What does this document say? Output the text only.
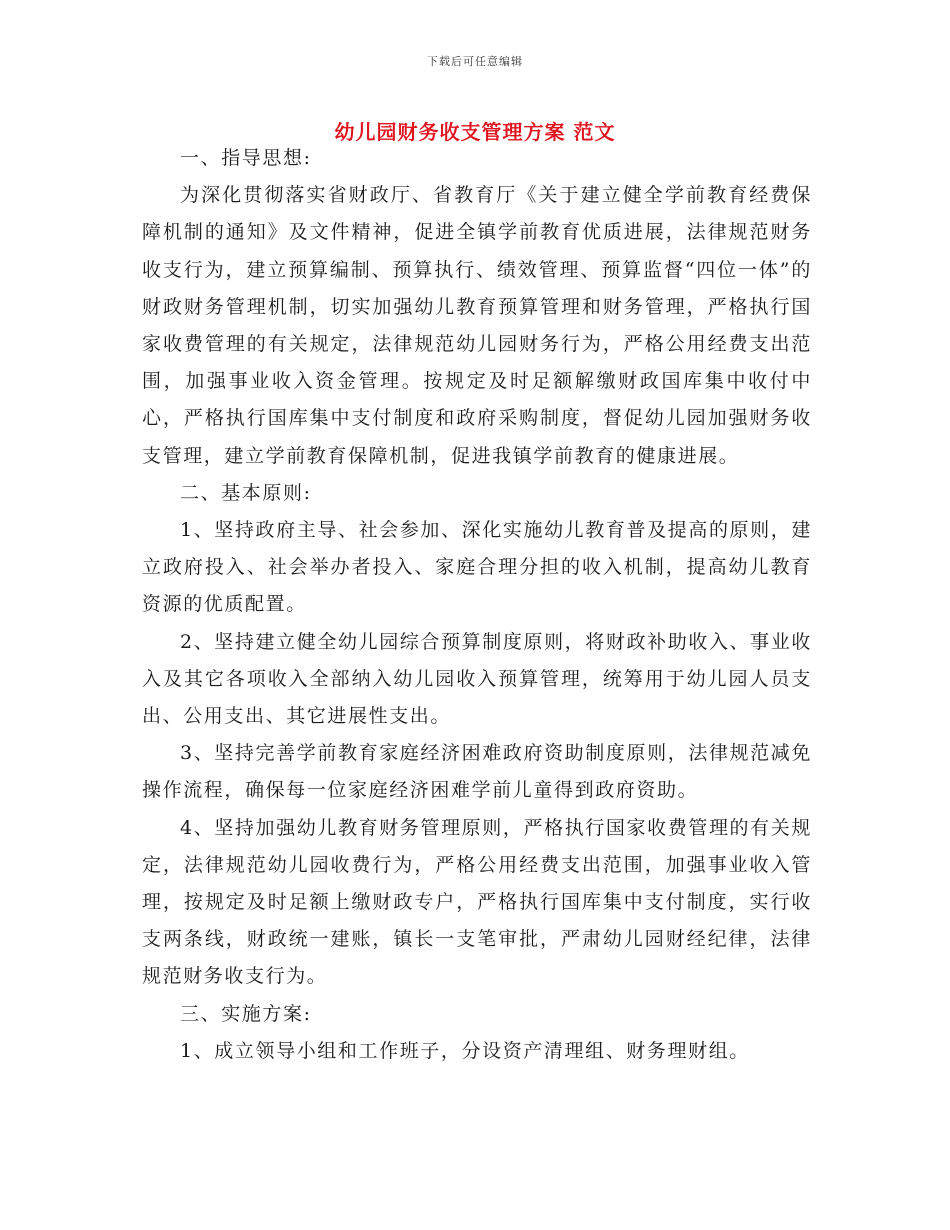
下载后可任意编辑
幼儿园财务收支管理方案 范文

一、指导思想:

为深化贯彻落实省财政厅、省教育厅《关于建立健全学前教育经费保障机制的通知》及文件精神，促进全镇学前教育优质进展，法律规范财务收支行为，建立预算编制、预算执行、绩效管理、预算监督“四位一体”的财政财务管理机制，切实加强幼儿教育预算管理和财务管理，严格执行国家收费管理的有关规定，法律规范幼儿园财务行为，严格公用经费支出范围，加强事业收入资金管理。按规定及时足额解缴财政国库集中收付中心，严格执行国库集中支付制度和政府采购制度，督促幼儿园加强财务收支管理，建立学前教育保障机制，促进我镇学前教育的健康进展。

二、基本原则:

1、坚持政府主导、社会参加、深化实施幼儿教育普及提高的原则，建立政府投入、社会举办者投入、家庭合理分担的收入机制，提高幼儿教育资源的优质配置。

2、坚持建立健全幼儿园综合预算制度原则，将财政补助收入、事业收入及其它各项收入全部纳入幼儿园收入预算管理，统筹用于幼儿园人员支出、公用支出、其它进展性支出。

3、坚持完善学前教育家庭经济困难政府资助制度原则，法律规范减免操作流程，确保每一位家庭经济困难学前儿童得到政府资助。

4、坚持加强幼儿教育财务管理原则，严格执行国家收费管理的有关规定，法律规范幼儿园收费行为，严格公用经费支出范围，加强事业收入管理，按规定及时足额上缴财政专户，严格执行国库集中支付制度，实行收支两条线，财政统一建账，镇长一支笔审批，严肃幼儿园财经纪律，法律规范财务收支行为。

三、实施方案:

1、成立领导小组和工作班子，分设资产清理组、财务理财组。
